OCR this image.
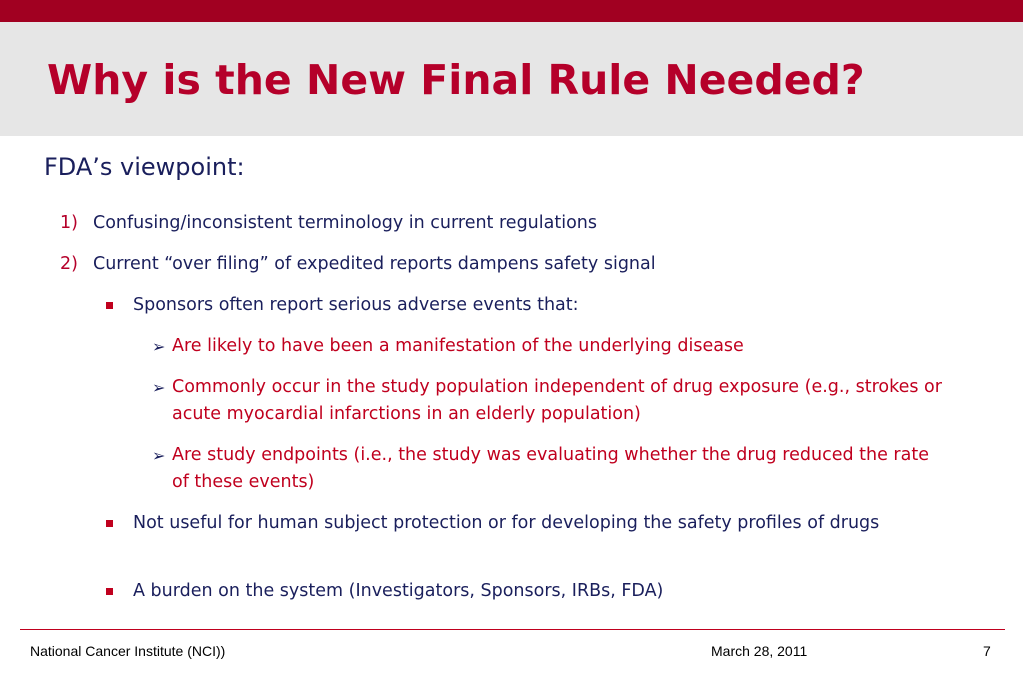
Why is the New Final Rule Needed?
FDA’s viewpoint:
1) Confusing/inconsistent terminology in current regulations
2) Current “over filing” of expedited reports dampens safety signal
Sponsors often report serious adverse events that:
➢ Are likely to have been a manifestation of the underlying disease
➢ Commonly occur in the study population independent of drug exposure (e.g., strokes or acute myocardial infarctions in an elderly population)
➢ Are study endpoints (i.e., the study was evaluating whether the drug reduced the rate of these events)
Not useful for human subject protection or for developing the safety profiles of drugs
A burden on the system (Investigators, Sponsors, IRBs, FDA)
National Cancer Institute (NCI))	March 28, 2011	7
